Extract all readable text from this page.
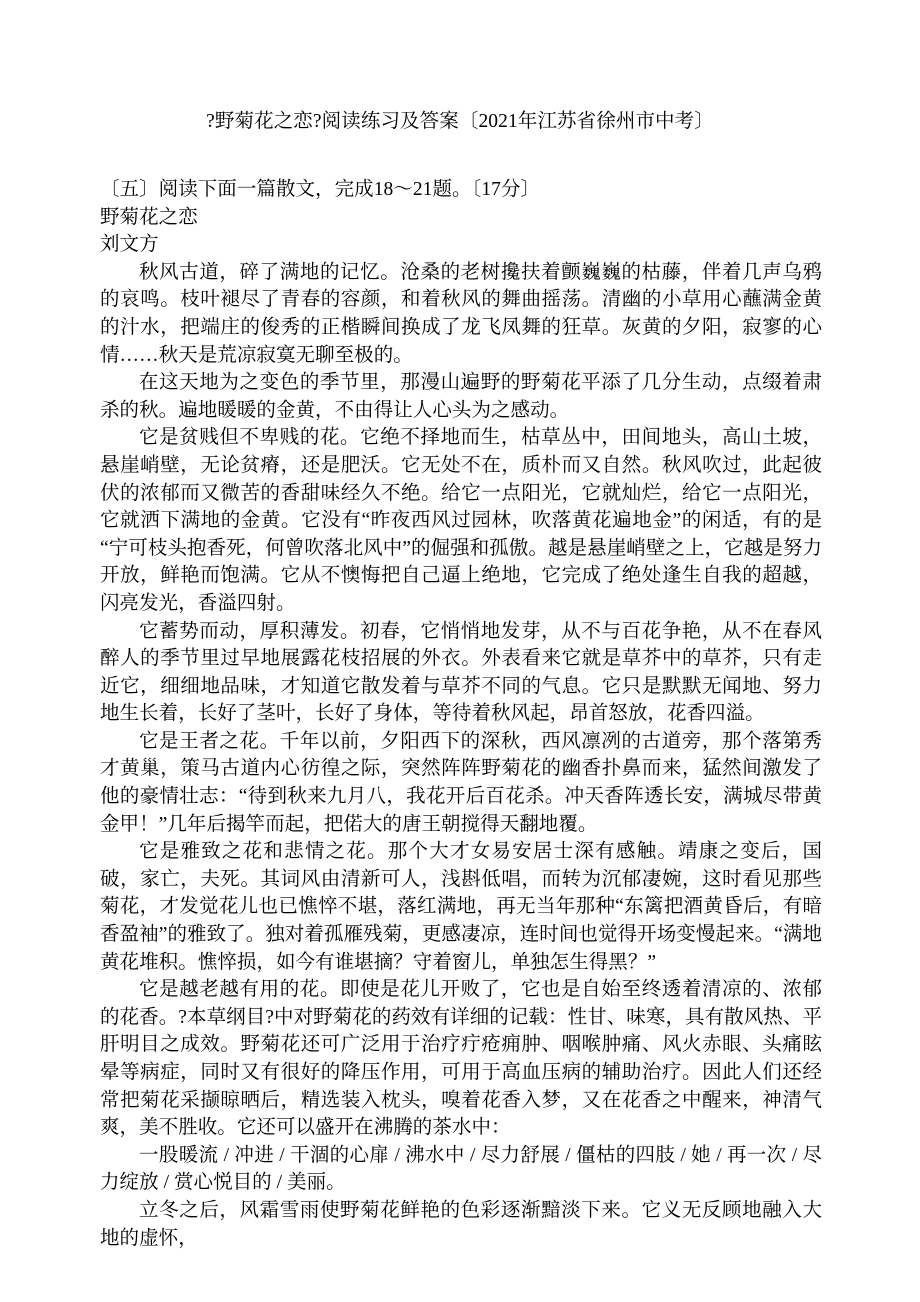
?野菊花之恋?阅读练习及答案〔2021年江苏省徐州市中考〕

〔五〕阅读下面一篇散文，完成18～21题。〔17分〕

野菊花之恋

刘文方

秋风古道，碎了满地的记忆。沧桑的老树攙扶着颤巍巍的枯藤，伴着几声乌鸦的哀鸣。枝叶褪尽了青春的容颜，和着秋风的舞曲摇荡。清幽的小草用心蘸满金黄的汁水，把端庄的俊秀的正楷瞬间换成了龙飞凤舞的狂草。灰黄的夕阳，寂寥的心情……秋天是荒凉寂寞无聊至极的。

在这天地为之变色的季节里，那漫山遍野的野菊花平添了几分生动，点缀着肃杀的秋。遍地暖暖的金黄，不由得让人心头为之感动。

它是贫贱但不卑贱的花。它绝不择地而生，枯草丛中，田间地头，高山土坡，悬崖峭壁，无论贫瘠，还是肥沃。它无处不在，质朴而又自然。秋风吹过，此起彼伏的浓郁而又微苦的香甜味经久不绝。给它一点阳光，它就灿烂，给它一点阳光，它就洒下满地的金黄。它没有“昨夜西风过园林，吹落黄花遍地金”的闲适，有的是“宁可枝头抱香死，何曾吹落北风中”的倔强和孤傲。越是悬崖峭壁之上，它越是努力开放，鲜艳而饱满。它从不懊悔把自己逼上绝地，它完成了绝处逢生自我的超越，闪亮发光，香溢四射。

它蓄势而动，厚积薄发。初春，它悄悄地发芽，从不与百花争艳，从不在春风醉人的季节里过早地展露花枝招展的外衣。外表看来它就是草芥中的草芥，只有走近它，细细地品味，才知道它散发着与草芥不同的气息。它只是默默无闻地、努力地生长着，长好了茎叶，长好了身体，等待着秋风起，昂首怒放，花香四溢。

它是王者之花。千年以前，夕阳西下的深秋，西风凛冽的古道旁，那个落第秀才黄巢，策马古道内心彷徨之际，突然阵阵野菊花的幽香扑鼻而来，猛然间激发了他的豪情壮志：“待到秋来九月八，我花开后百花杀。冲天香阵透长安，满城尽带黄金甲！”几年后揭竿而起，把偌大的唐王朝搅得天翻地覆。

它是雅致之花和悲情之花。那个大才女易安居士深有感触。靖康之变后，国破，家亡，夫死。其词风由清新可人，浅斟低唱，而转为沉郁凄婉，这时看见那些菊花，才发觉花儿也已憔悴不堪，落红满地，再无当年那种“东篱把酒黄昏后，有暗香盈袖”的雅致了。独对着孤雁残菊，更感凄凉，连时间也觉得开场变慢起来。“满地黄花堆积。憔悴损，如今有谁堪摘？守着窗儿，单独怎生得黑？”

它是越老越有用的花。即使是花儿开败了，它也是自始至终透着清凉的、浓郁的花香。?本草纲目?中对野菊花的药效有详细的记载：性甘、味寒，具有散风热、平肝明目之成效。野菊花还可广泛用于治疗疔疮痈肿、咽喉肿痛、风火赤眼、头痛眩晕等病症，同时又有很好的降压作用，可用于高血压病的辅助治疗。因此人们还经常把菊花采撷晾晒后，精选装入枕头，嗅着花香入梦，又在花香之中醒来，神清气爽，美不胜收。它还可以盛开在沸腾的茶水中：

一股暖流 / 冲进 / 干涸的心扉 / 沸水中 / 尽力舒展 / 僵枯的四肢 / 她 / 再一次 / 尽力绽放 / 赏心悦目的 / 美丽。

立冬之后，风霜雪雨使野菊花鲜艳的色彩逐渐黯淡下来。它义无反顾地融入大地的虚怀，
